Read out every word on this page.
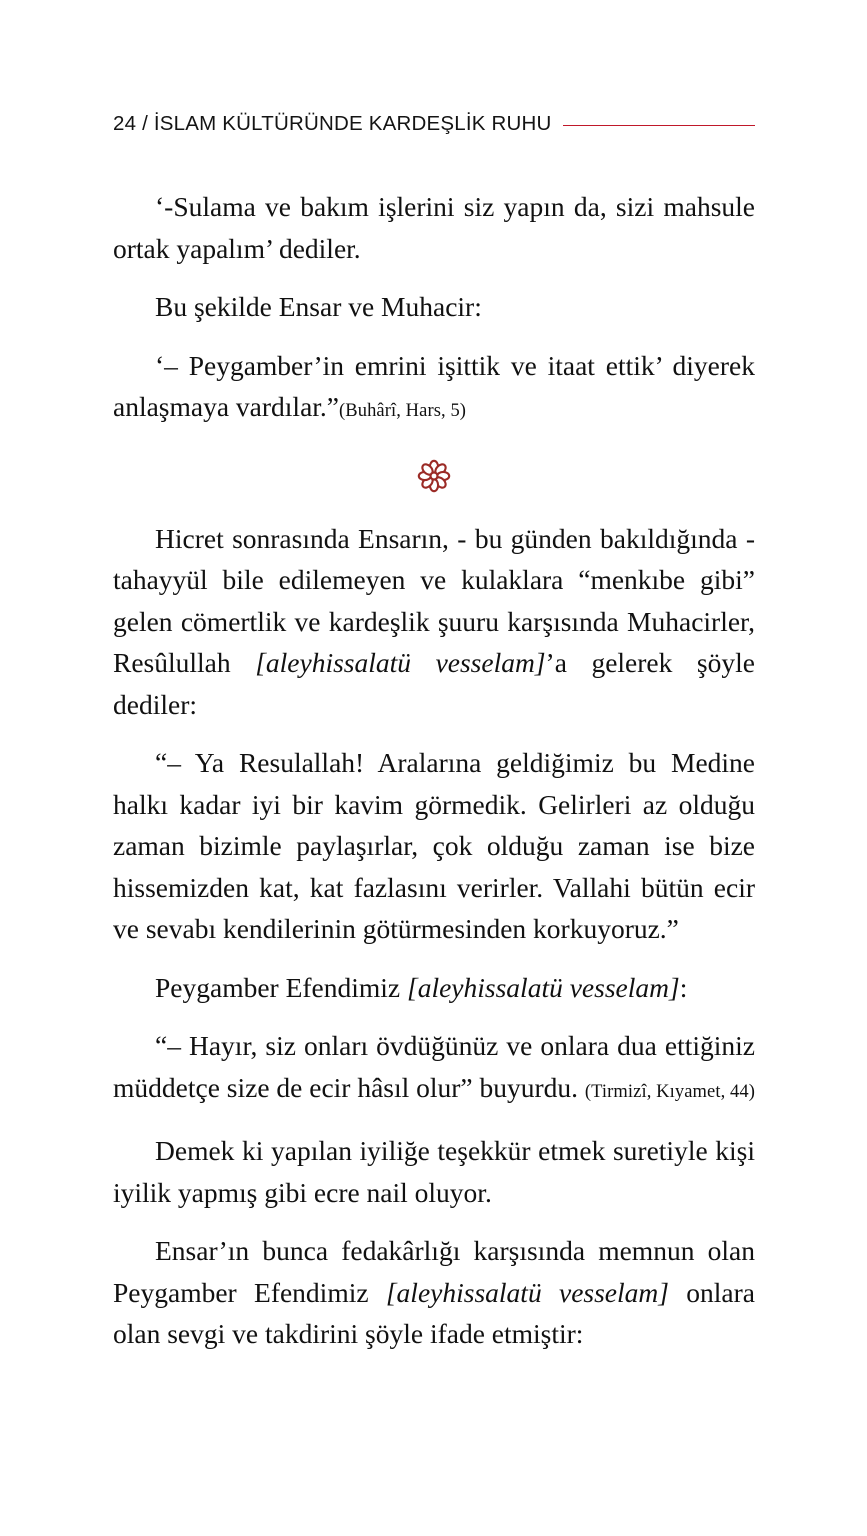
24 / İSLAM KÜLTÜRÜNDE KARDEŞLİK RUHU

‘-Sulama ve bakım işlerini siz yapın da, sizi mahsule ortak yapalım’ dediler.

Bu şekilde Ensar ve Muhacir:

‘– Peygamber’in emrini işittik ve itaat ettik’ diyerek anlaşmaya vardılar.”(Buhârî, Hars, 5)

Hicret sonrasında Ensarın, - bu günden bakıldığında - tahayyül bile edilemeyen ve kulaklara “menkıbe gibi” gelen cömertlik ve kardeşlik şuuru karşısında Muhacirler, Resûlullah [aleyhissalatü vesselam]’a gelerek şöyle dediler:

“– Ya Resulallah! Aralarına geldiğimiz bu Medine halkı kadar iyi bir kavim görmedik. Gelirleri az olduğu zaman bizimle paylaşırlar, çok olduğu zaman ise bize hissemizden kat, kat fazlasını verirler. Vallahi bütün ecir ve sevabı kendilerinin götürmesinden korkuyoruz.”

Peygamber Efendimiz [aleyhissalatü vesselam]:

“– Hayır, siz onları övdüğünüz ve onlara dua ettiğiniz müddetçe size de ecir hâsıl olur” buyurdu. (Tirmizî, Kıyamet, 44)

Demek ki yapılan iyiliğe teşekkür etmek suretiyle kişi iyilik yapmış gibi ecre nail oluyor.

Ensar’ın bunca fedakârlığı karşısında memnun olan Peygamber Efendimiz [aleyhissalatü vesselam] onlara olan sevgi ve takdirini şöyle ifade etmiştir:
